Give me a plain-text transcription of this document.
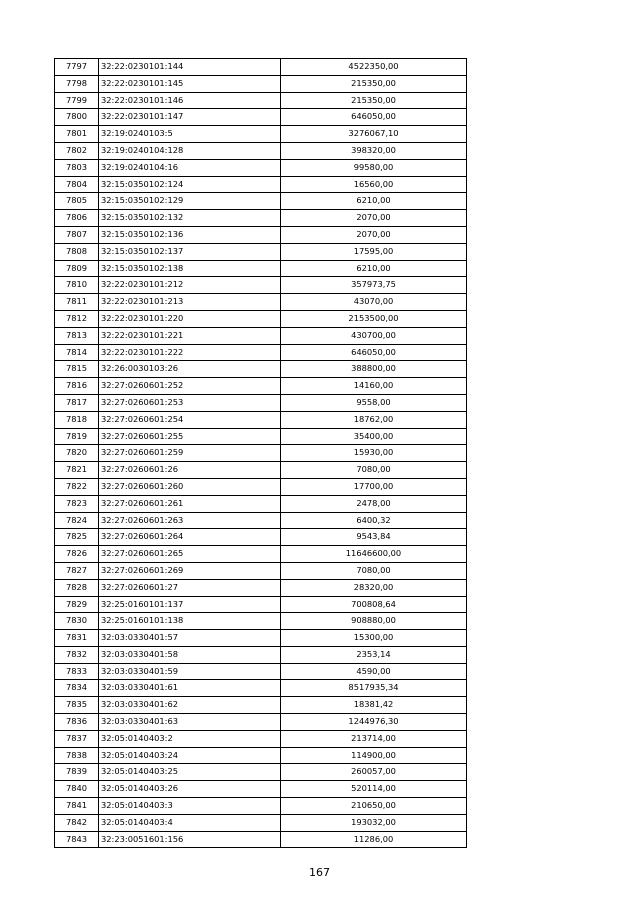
7797	32:22:0230101:144	4522350,00
7798	32:22:0230101:145	215350,00
7799	32:22:0230101:146	215350,00
7800	32:22:0230101:147	646050,00
7801	32:19:0240103:5	3276067,10
7802	32:19:0240104:128	398320,00
7803	32:19:0240104:16	99580,00
7804	32:15:0350102:124	16560,00
7805	32:15:0350102:129	6210,00
7806	32:15:0350102:132	2070,00
7807	32:15:0350102:136	2070,00
7808	32:15:0350102:137	17595,00
7809	32:15:0350102:138	6210,00
7810	32:22:0230101:212	357973,75
7811	32:22:0230101:213	43070,00
7812	32:22:0230101:220	2153500,00
7813	32:22:0230101:221	430700,00
7814	32:22:0230101:222	646050,00
7815	32:26:0030103:26	388800,00
7816	32:27:0260601:252	14160,00
7817	32:27:0260601:253	9558,00
7818	32:27:0260601:254	18762,00
7819	32:27:0260601:255	35400,00
7820	32:27:0260601:259	15930,00
7821	32:27:0260601:26	7080,00
7822	32:27:0260601:260	17700,00
7823	32:27:0260601:261	2478,00
7824	32:27:0260601:263	6400,32
7825	32:27:0260601:264	9543,84
7826	32:27:0260601:265	11646600,00
7827	32:27:0260601:269	7080,00
7828	32:27:0260601:27	28320,00
7829	32:25:0160101:137	700808,64
7830	32:25:0160101:138	908880,00
7831	32:03:0330401:57	15300,00
7832	32:03:0330401:58	2353,14
7833	32:03:0330401:59	4590,00
7834	32:03:0330401:61	8517935,34
7835	32:03:0330401:62	18381,42
7836	32:03:0330401:63	1244976,30
7837	32:05:0140403:2	213714,00
7838	32:05:0140403:24	114900,00
7839	32:05:0140403:25	260057,00
7840	32:05:0140403:26	520114,00
7841	32:05:0140403:3	210650,00
7842	32:05:0140403:4	193032,00
7843	32:23:0051601:156	11286,00
167
